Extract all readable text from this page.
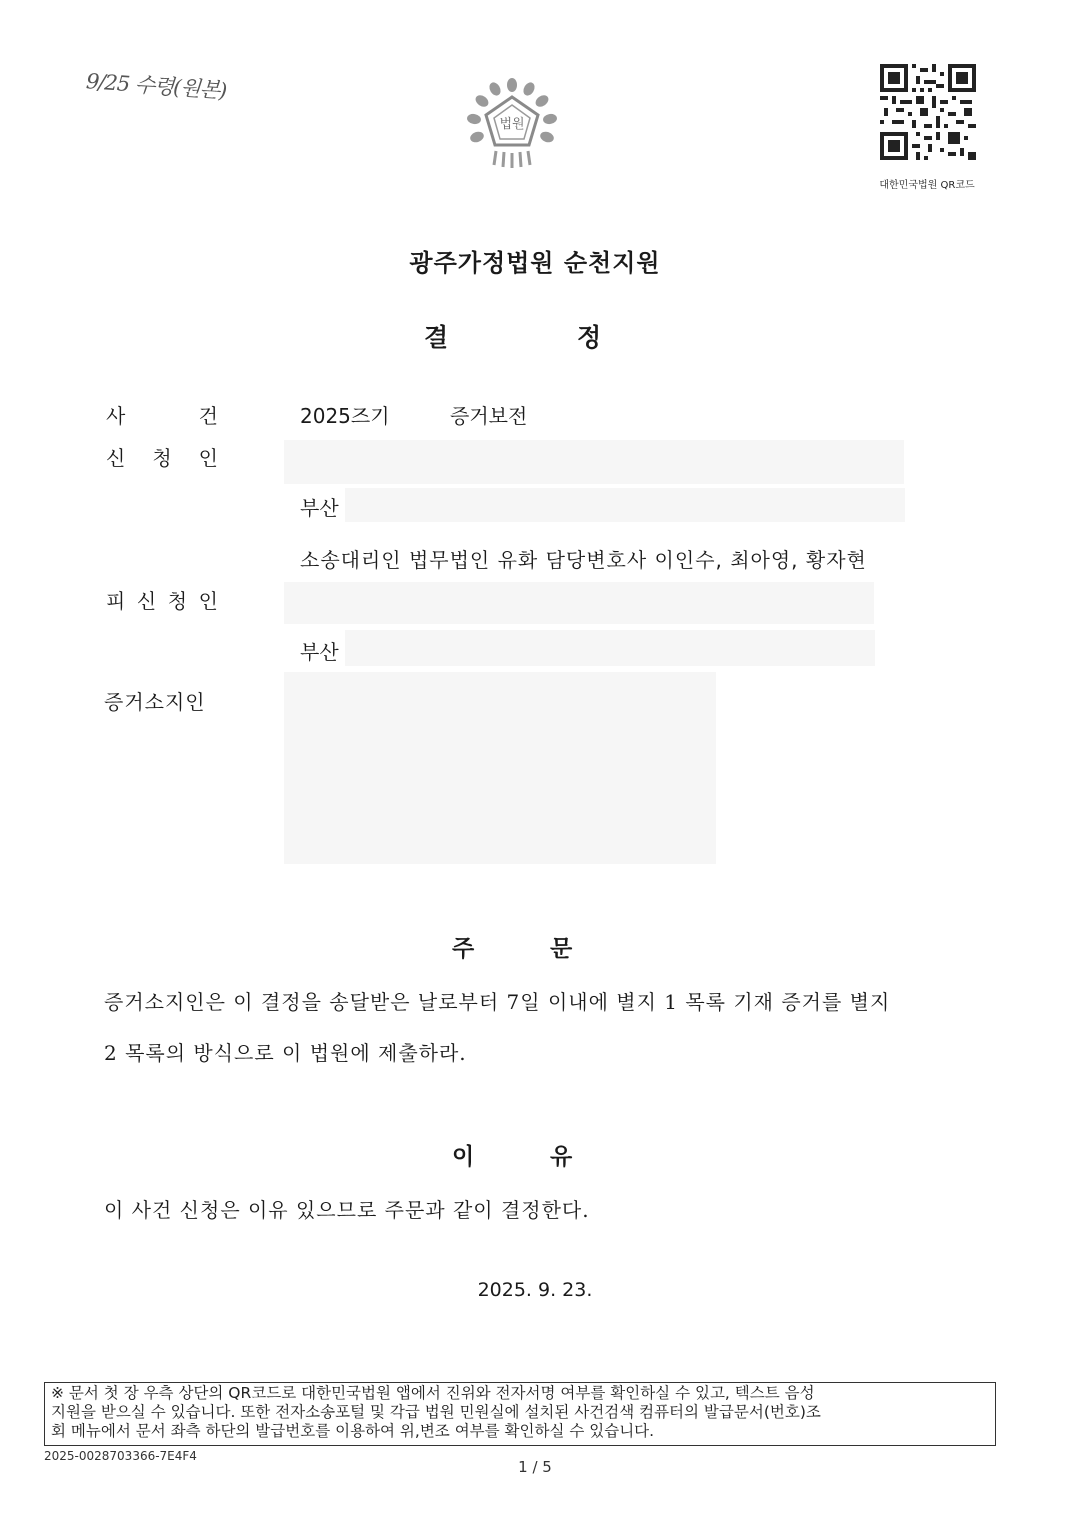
9/25 수령(원본)
법원
대한민국법원 QR코드
광주가정법원 순천지원
결	정
사	건	2025즈기	증거보전
신 청 인
부산
소송대리인 법무법인 유화 담당변호사 이인수, 최아영, 황자현
피 신 청 인
부산
증거소지인
주	문
증거소지인은 이 결정을 송달받은 날로부터 7일 이내에 별지 1 목록 기재 증거를 별지
2 목록의 방식으로 이 법원에 제출하라.
이	유
이 사건 신청은 이유 있으므로 주문과 같이 결정한다.
2025. 9. 23.
※ 문서 첫 장 우측 상단의 QR코드로 대한민국법원 앱에서 진위와 전자서명 여부를 확인하실 수 있고, 텍스트 음성
지원을 받으실 수 있습니다. 또한 전자소송포털 및 각급 법원 민원실에 설치된 사건검색 컴퓨터의 발급문서(번호)조
회 메뉴에서 문서 좌측 하단의 발급번호를 이용하여 위,변조 여부를 확인하실 수 있습니다.
2025-0028703366-7E4F4
1 / 5
